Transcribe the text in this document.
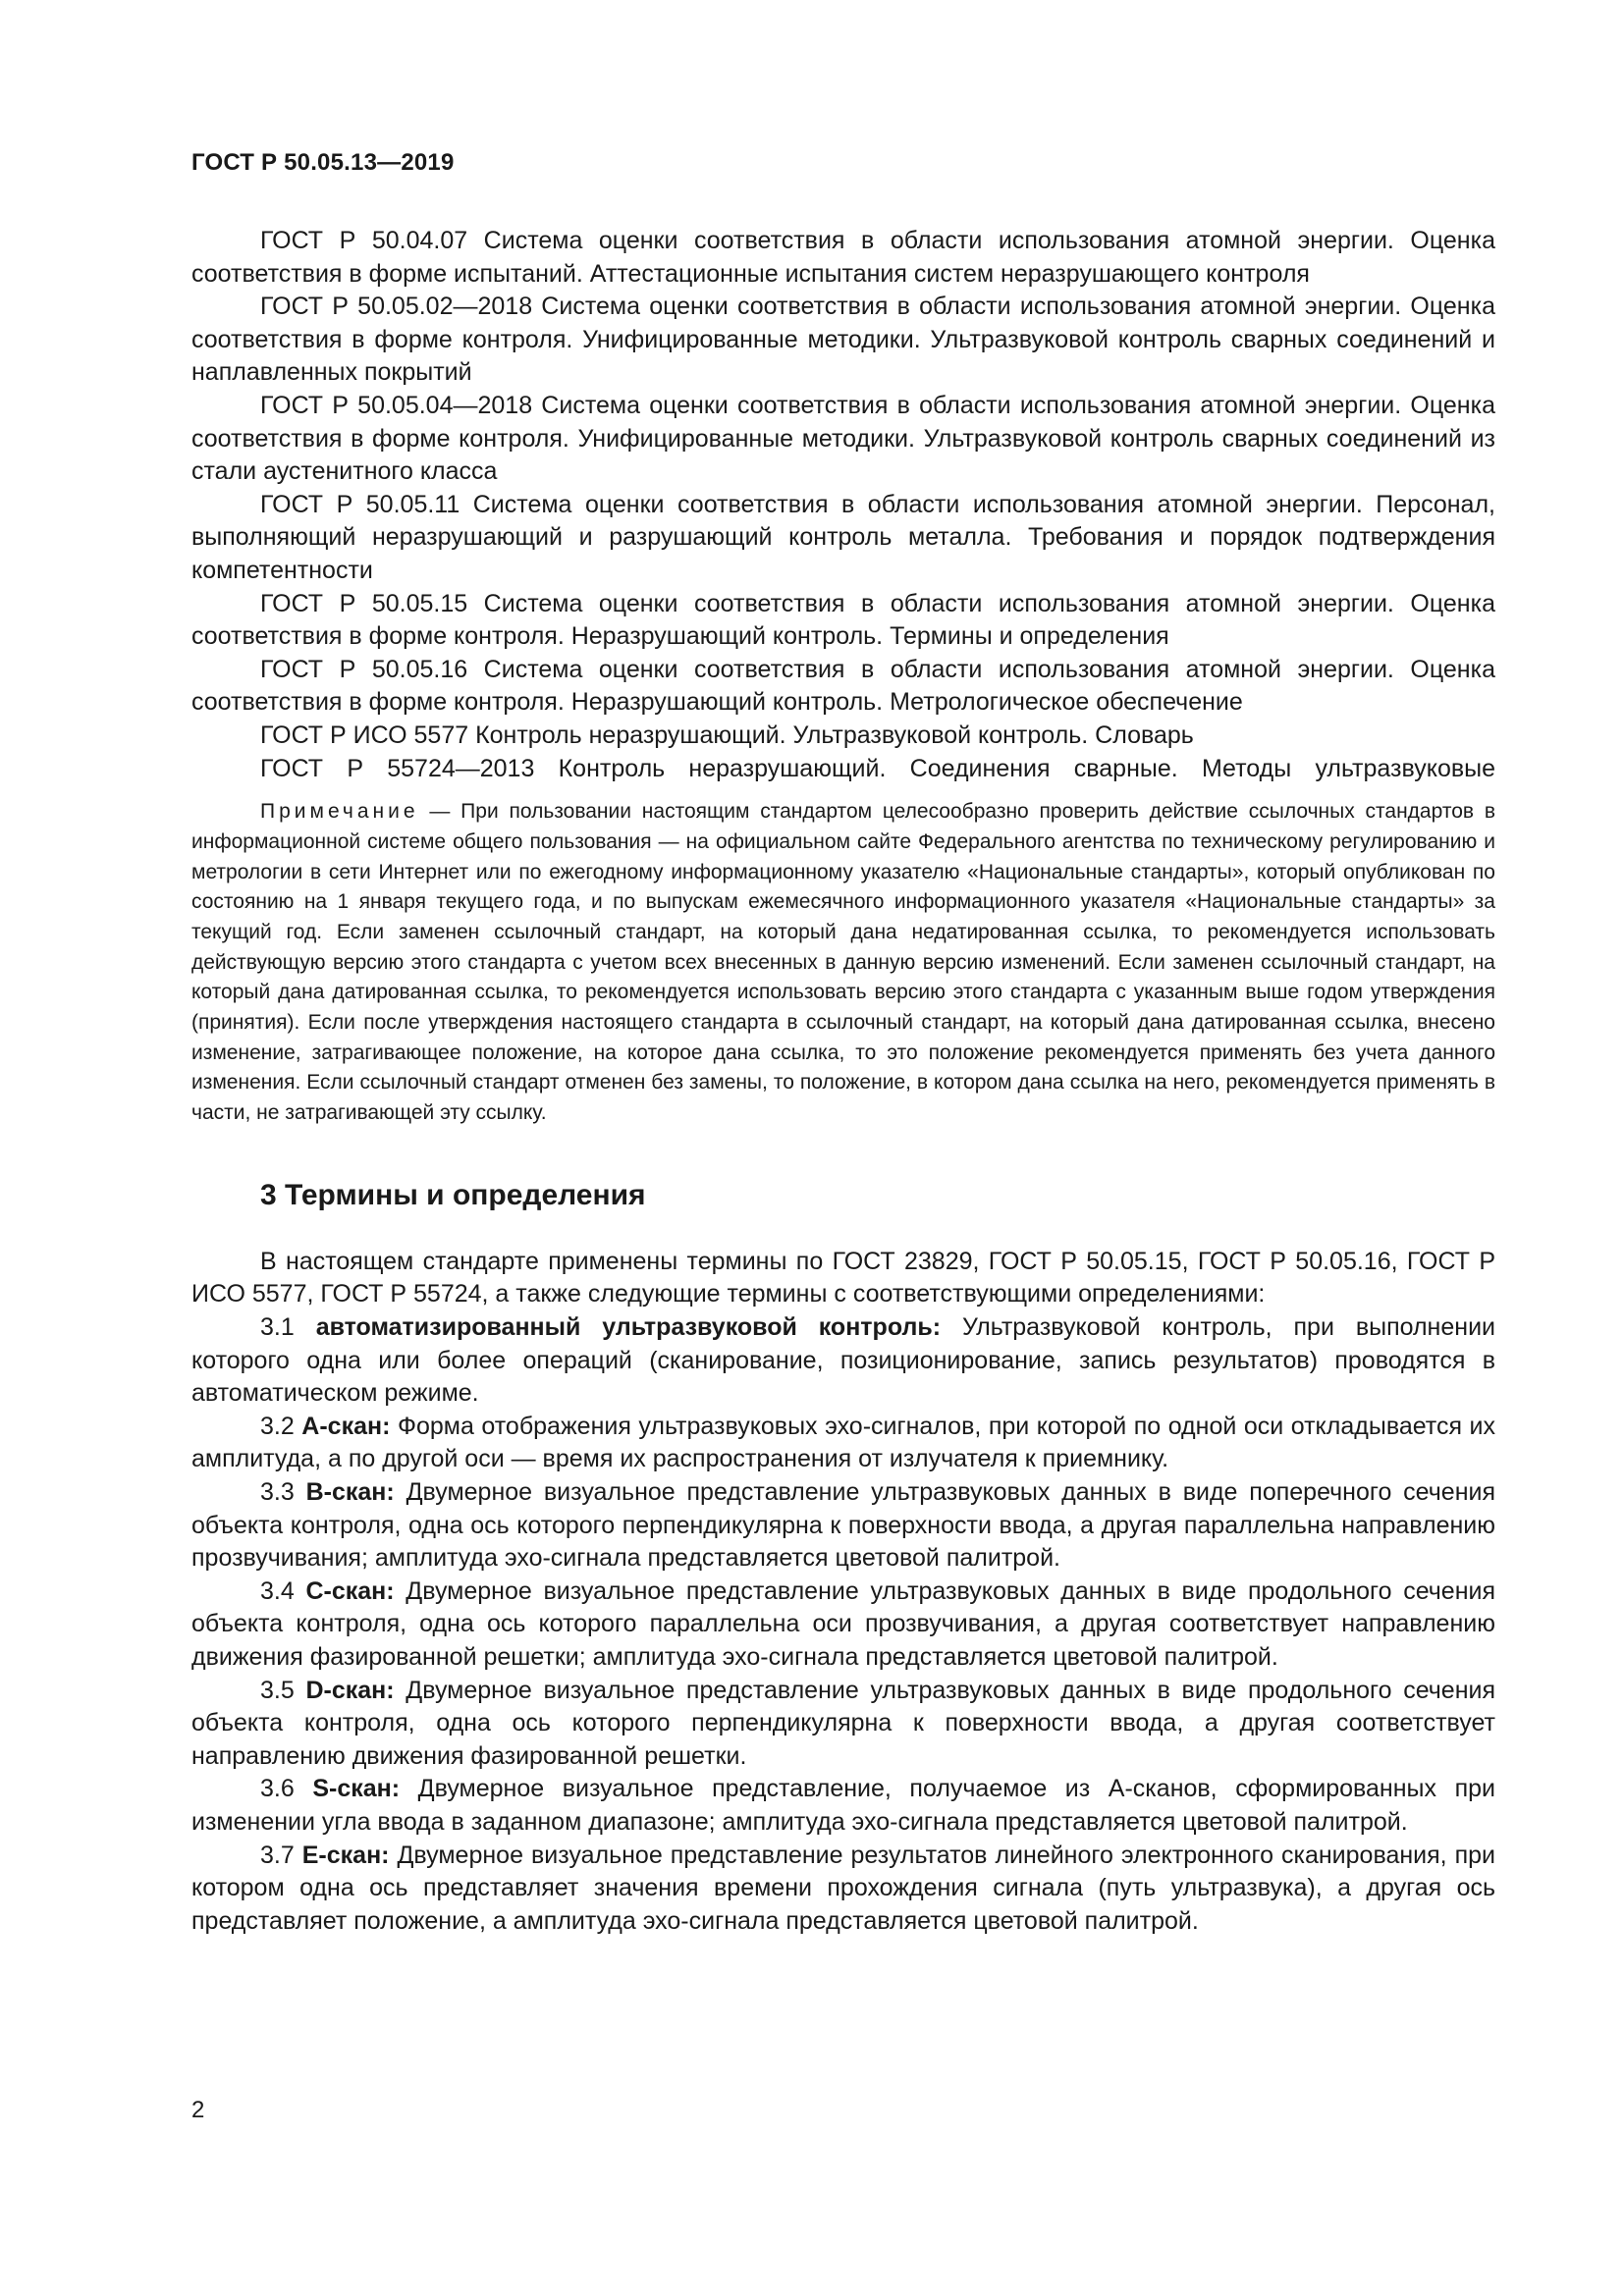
ГОСТ Р 50.05.13—2019

ГОСТ Р 50.04.07 Система оценки соответствия в области использования атомной энергии. Оценка соответствия в форме испытаний. Аттестационные испытания систем неразрушающего контроля

ГОСТ Р 50.05.02—2018 Система оценки соответствия в области использования атомной энергии. Оценка соответствия в форме контроля. Унифицированные методики. Ультразвуковой контроль сварных соединений и наплавленных покрытий

ГОСТ Р 50.05.04—2018 Система оценки соответствия в области использования атомной энергии. Оценка соответствия в форме контроля. Унифицированные методики. Ультразвуковой контроль сварных соединений из стали аустенитного класса

ГОСТ Р 50.05.11 Система оценки соответствия в области использования атомной энергии. Персонал, выполняющий неразрушающий и разрушающий контроль металла. Требования и порядок подтверждения компетентности

ГОСТ Р 50.05.15 Система оценки соответствия в области использования атомной энергии. Оценка соответствия в форме контроля. Неразрушающий контроль. Термины и определения

ГОСТ Р 50.05.16 Система оценки соответствия в области использования атомной энергии. Оценка соответствия в форме контроля. Неразрушающий контроль. Метрологическое обеспечение

ГОСТ Р ИСО 5577 Контроль неразрушающий. Ультразвуковой контроль. Словарь

ГОСТ Р 55724—2013 Контроль неразрушающий. Соединения сварные. Методы ультразвуковые

Примечание — При пользовании настоящим стандартом целесообразно проверить действие ссылочных стандартов в информационной системе общего пользования — на официальном сайте Федерального агентства по техническому регулированию и метрологии в сети Интернет или по ежегодному информационному указателю «Национальные стандарты», который опубликован по состоянию на 1 января текущего года, и по выпускам ежемесячного информационного указателя «Национальные стандарты» за текущий год. Если заменен ссылочный стандарт, на который дана недатированная ссылка, то рекомендуется использовать действующую версию этого стандарта с учетом всех внесенных в данную версию изменений. Если заменен ссылочный стандарт, на который дана датированная ссылка, то рекомендуется использовать версию этого стандарта с указанным выше годом утверждения (принятия). Если после утверждения настоящего стандарта в ссылочный стандарт, на который дана датированная ссылка, внесено изменение, затрагивающее положение, на которое дана ссылка, то это положение рекомендуется применять без учета данного изменения. Если ссылочный стандарт отменен без замены, то положение, в котором дана ссылка на него, рекомендуется применять в части, не затрагивающей эту ссылку.

3 Термины и определения

В настоящем стандарте применены термины по ГОСТ 23829, ГОСТ Р 50.05.15, ГОСТ Р 50.05.16, ГОСТ Р ИСО 5577, ГОСТ Р 55724, а также следующие термины с соответствующими определениями:

3.1 автоматизированный ультразвуковой контроль: Ультразвуковой контроль, при выполнении которого одна или более операций (сканирование, позиционирование, запись результатов) проводятся в автоматическом режиме.

3.2 А-скан: Форма отображения ультразвуковых эхо-сигналов, при которой по одной оси откладывается их амплитуда, а по другой оси — время их распространения от излучателя к приемнику.

3.3 В-скан: Двумерное визуальное представление ультразвуковых данных в виде поперечного сечения объекта контроля, одна ось которого перпендикулярна к поверхности ввода, а другая параллельна направлению прозвучивания; амплитуда эхо-сигнала представляется цветовой палитрой.

3.4 С-скан: Двумерное визуальное представление ультразвуковых данных в виде продольного сечения объекта контроля, одна ось которого параллельна оси прозвучивания, а другая соответствует направлению движения фазированной решетки; амплитуда эхо-сигнала представляется цветовой палитрой.

3.5 D-скан: Двумерное визуальное представление ультразвуковых данных в виде продольного сечения объекта контроля, одна ось которого перпендикулярна к поверхности ввода, а другая соответствует направлению движения фазированной решетки.

3.6 S-скан: Двумерное визуальное представление, получаемое из А-сканов, сформированных при изменении угла ввода в заданном диапазоне; амплитуда эхо-сигнала представляется цветовой палитрой.

3.7 Е-скан: Двумерное визуальное представление результатов линейного электронного сканирования, при котором одна ось представляет значения времени прохождения сигнала (путь ультразвука), а другая ось представляет положение, а амплитуда эхо-сигнала представляется цветовой палитрой.

2
